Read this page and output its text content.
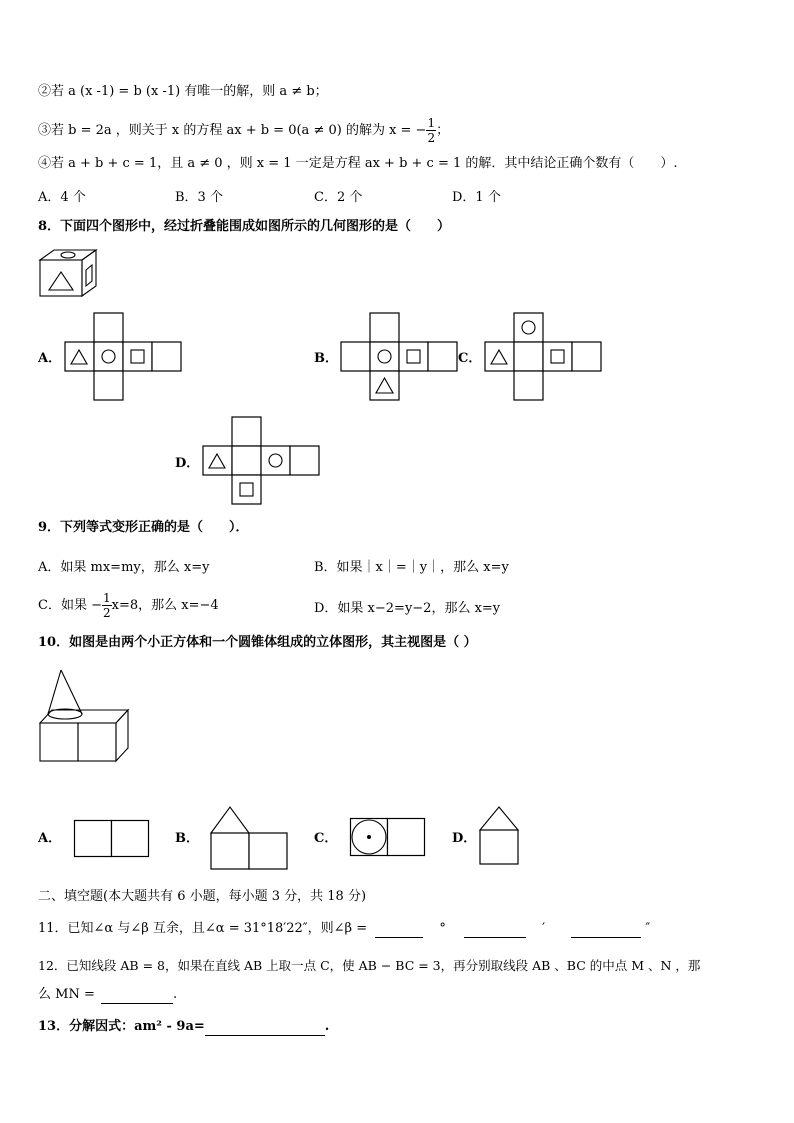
②若 a (x -1) = b (x -1) 有唯一的解，则 a ≠ b；
③若 b = 2a ，则关于 x 的方程 ax + b = 0(a ≠ 0) 的解为 x = − $\frac{1}{2}$ ；
④若 a + b + c = 1，且 a ≠ 0 ，则 x = 1 一定是方程 ax + b + c = 1 的解．其中结论正确个数有（　　）.
A．4 个	B．3 个	C．2 个	D．1 个
8．下面四个图形中，经过折叠能围成如图所示的几何图形的是（　　）
A．	B．	C．
D．
9．下列等式变形正确的是（　　）．
A．如果 mx=my，那么 x=y	B．如果｜x｜=｜y｜，那么 x=y
C．如果 − $\frac{1}{2} x=8$，那么 x=−4	D．如果 x−2=y−2，那么 x=y
10．如图是由两个小正方体和一个圆锥体组成的立体图形，其主视图是（ ）
A．	B．	C．	D．
二、填空题(本大题共有 6 小题，每小题 3 分，共 18 分)
11．已知∠α 与∠β 互余，且∠α = 31°18′22″，则∠β =	°	′	″
12．已知线段 AB = 8，如果在直线 AB 上取一点 C，使 AB − BC = 3，再分别取线段 AB 、BC 的中点 M 、N ，那
么 MN =	.
13．分解因式：am² - 9a=	.
